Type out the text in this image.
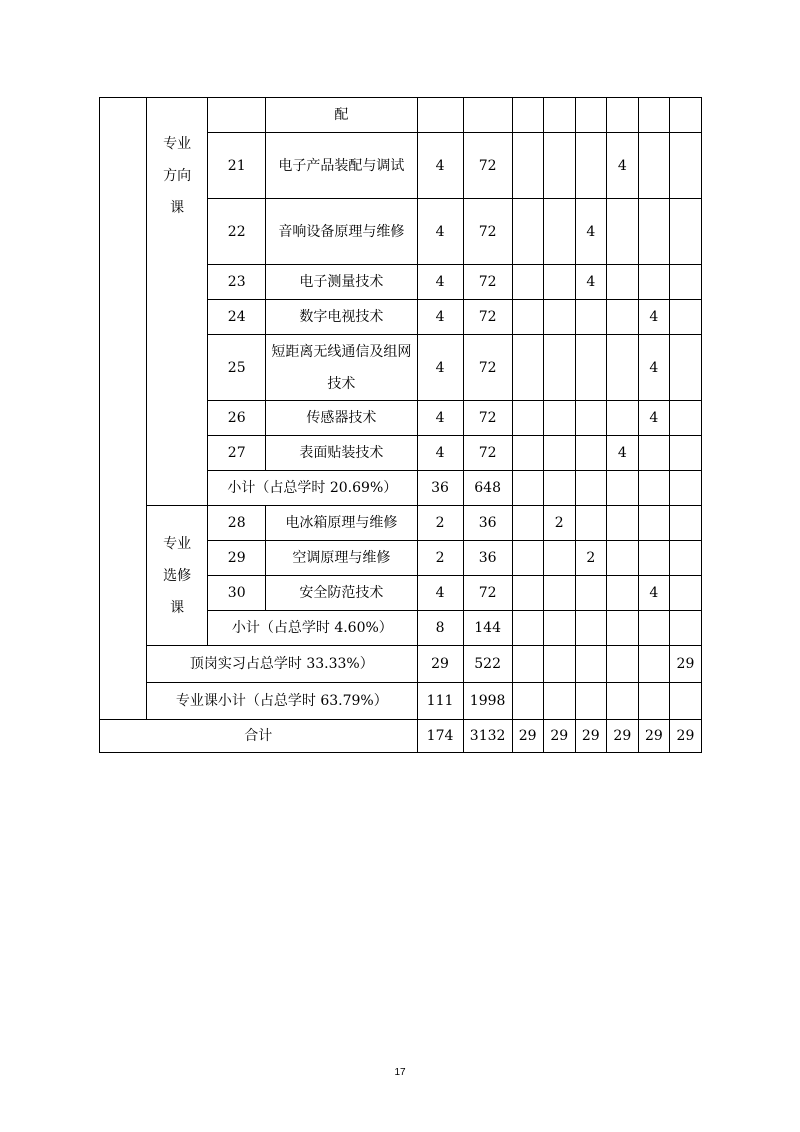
	专业
方向
课		配								
		21	电子产品装配与调试	4	72				4		
		22	音响设备原理与维修	4	72			4			
		23	电子测量技术	4	72			4			
		24	数字电视技术	4	72					4	
		25	短距离无线通信及组网技术	4	72					4	
		26	传感器技术	4	72					4	
		27	表面贴装技术	4	72				4		
		小计（占总学时 20.69%）		36	648						
	专业
选修
课	28	电冰箱原理与维修	2	36		2				
		29	空调原理与维修	2	36			2			
		30	安全防范技术	4	72					4	
		小计（占总学时 4.60%）		8	144						
	顶岗实习占总学时 33.33%）			29	522						29
	专业课小计（占总学时 63.79%）			111	1998						
合计				174	3132	29	29	29	29	29	29
17
